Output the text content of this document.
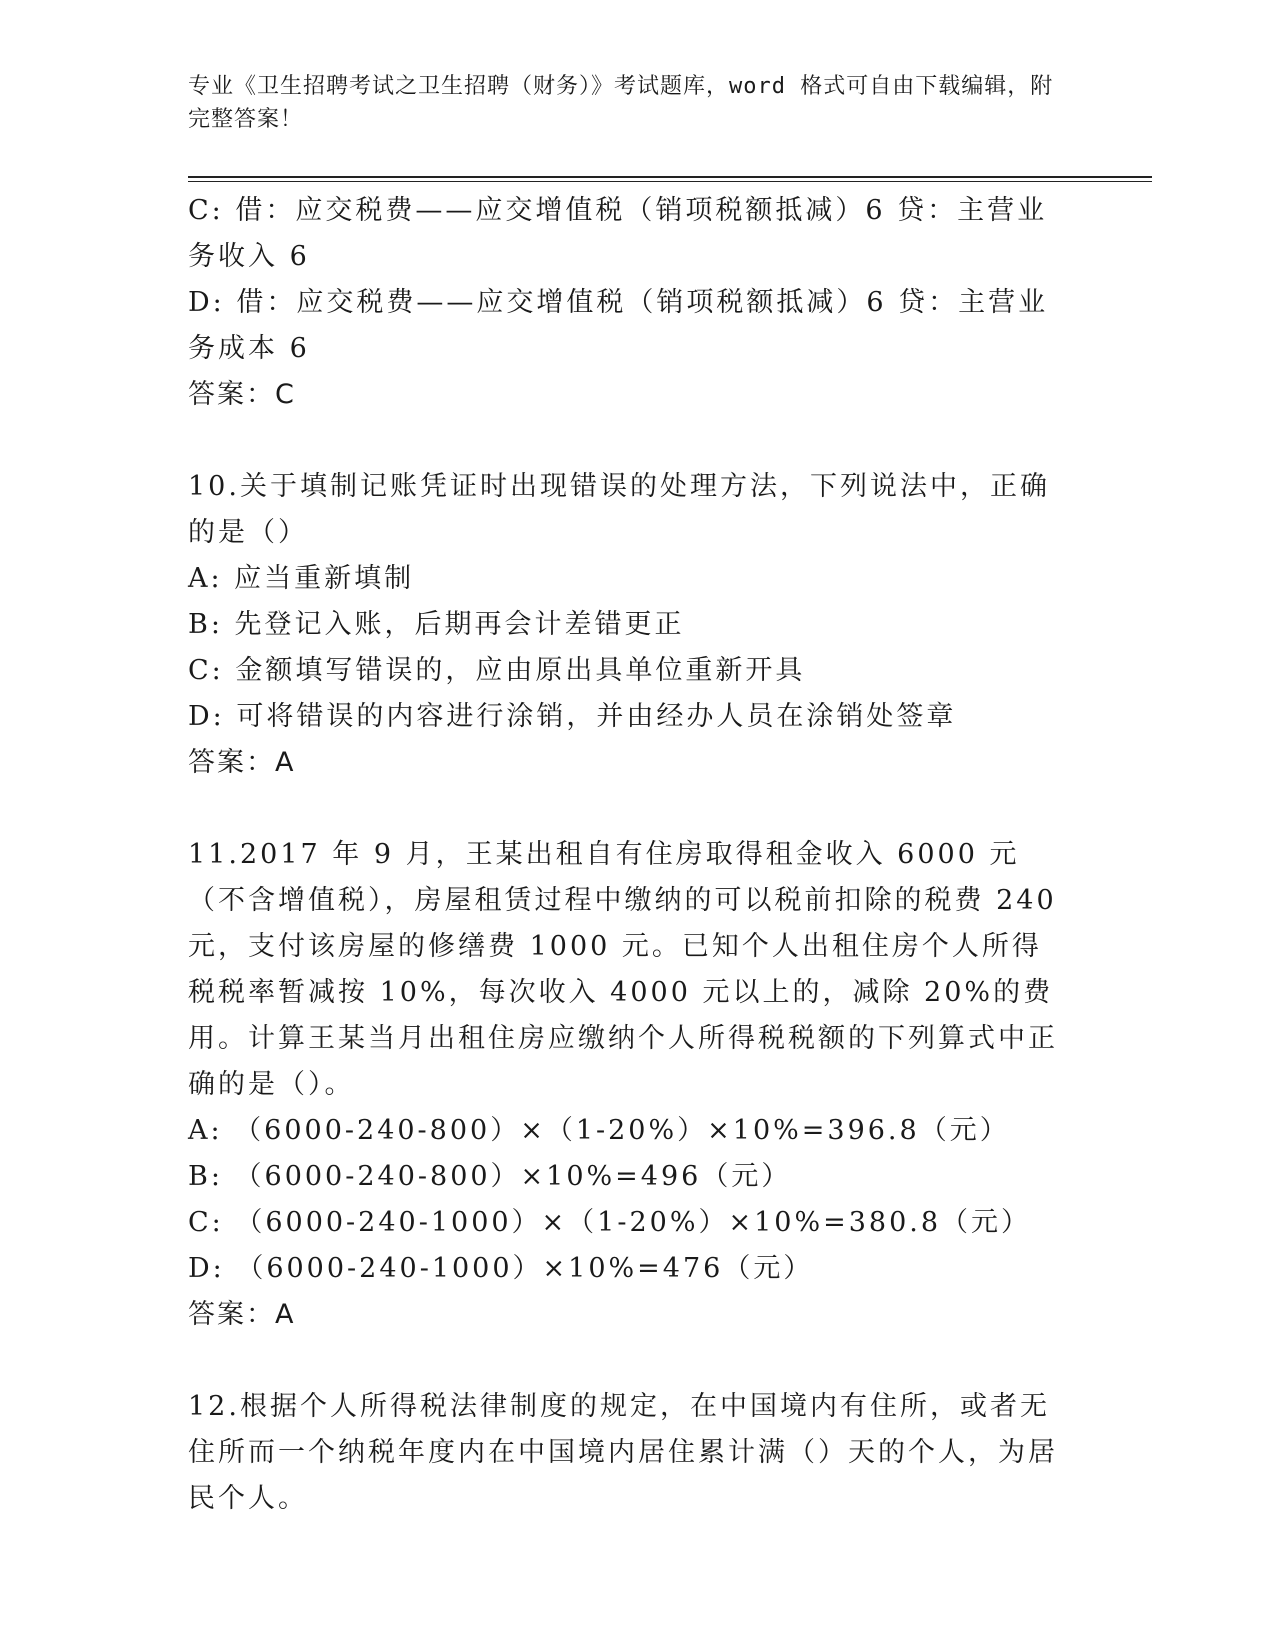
专业《卫生招聘考试之卫生招聘（财务）》考试题库，word 格式可自由下载编辑，附完整答案！

C: 借：应交税费——应交增值税（销项税额抵减）6 贷：主营业务收入 6

D: 借：应交税费——应交增值税（销项税额抵减）6 贷：主营业务成本 6

答案：C

10.关于填制记账凭证时出现错误的处理方法，下列说法中，正确的是（）

A: 应当重新填制

B: 先登记入账，后期再会计差错更正

C: 金额填写错误的，应由原出具单位重新开具

D: 可将错误的内容进行涂销，并由经办人员在涂销处签章

答案：A

11.2017 年 9 月，王某出租自有住房取得租金收入 6000 元（不含增值税），房屋租赁过程中缴纳的可以税前扣除的税费 240 元，支付该房屋的修缮费 1000 元。已知个人出租住房个人所得税税率暂减按 10%，每次收入 4000 元以上的，减除 20%的费用。计算王某当月出租住房应缴纳个人所得税税额的下列算式中正确的是（）。

A: （6000-240-800）×（1-20%）×10%=396.8（元）

B: （6000-240-800）×10%=496（元）

C: （6000-240-1000）×（1-20%）×10%=380.8（元）

D: （6000-240-1000）×10%=476（元）

答案：A

12.根据个人所得税法律制度的规定，在中国境内有住所，或者无住所而一个纳税年度内在中国境内居住累计满（）天的个人，为居民个人。
